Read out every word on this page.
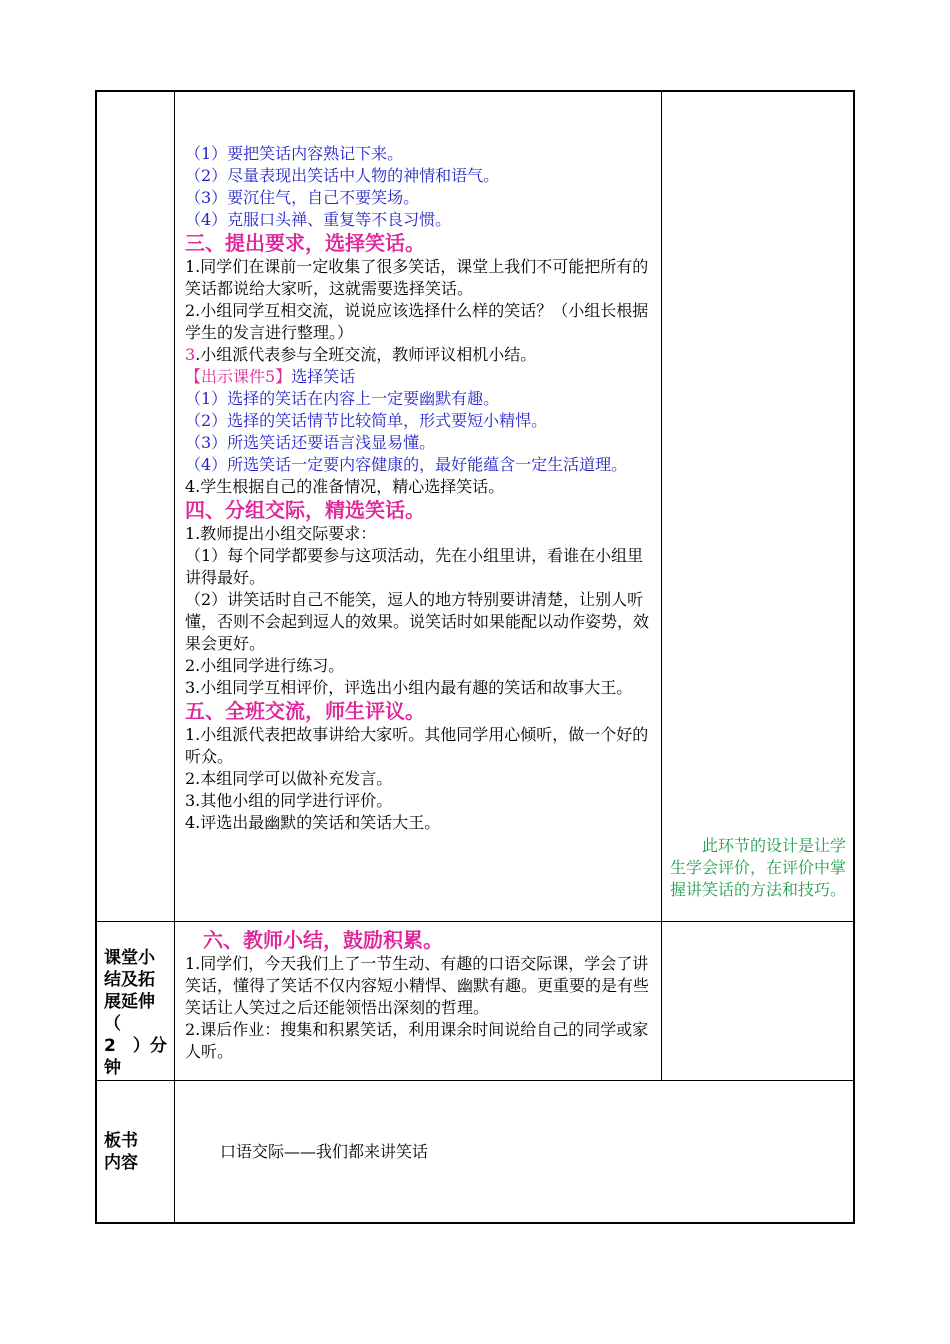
（1）要把笑话内容熟记下来。

（2）尽量表现出笑话中人物的神情和语气。

（3）要沉住气，自己不要笑场。

（4）克服口头禅、重复等不良习惯。

三、提出要求，选择笑话。

1.同学们在课前一定收集了很多笑话，课堂上我们不可能把所有的笑话都说给大家听，这就需要选择笑话。

2.小组同学互相交流，说说应该选择什么样的笑话？（小组长根据学生的发言进行整理。）

3.小组派代表参与全班交流，教师评议相机小结。

【出示课件5】选择笑话

（1）选择的笑话在内容上一定要幽默有趣。

（2）选择的笑话情节比较简单，形式要短小精悍。

（3）所选笑话还要语言浅显易懂。

（4）所选笑话一定要内容健康的，最好能蕴含一定生活道理。

4.学生根据自己的准备情况，精心选择笑话。

四、分组交际，精选笑话。

1.教师提出小组交际要求：

（1）每个同学都要参与这项活动，先在小组里讲，看谁在小组里讲得最好。

（2）讲笑话时自己不能笑，逗人的地方特别要讲清楚，让别人听懂，否则不会起到逗人的效果。说笑话时如果能配以动作姿势，效果会更好。

2.小组同学进行练习。

3.小组同学互相评价，评选出小组内最有趣的笑话和故事大王。

五、全班交流，师生评议。

1.小组派代表把故事讲给大家听。其他同学用心倾听，做一个好的听众。

2.本组同学可以做补充发言。

3.其他小组的同学进行评价。

4.评选出最幽默的笑话和笑话大王。

此环节的设计是让学生学会评价，在评价中掌握讲笑话的方法和技巧。
课堂小结及拓展延伸（　2　）分钟

六、教师小结，鼓励积累。

1.同学们，今天我们上了一节生动、有趣的口语交际课，学会了讲笑话，懂得了笑话不仅内容短小精悍、幽默有趣。更重要的是有些笑话让人笑过之后还能领悟出深刻的哲理。

2.课后作业：搜集和积累笑话，利用课余时间说给自己的同学或家人听。

板书内容
口语交际——我们都来讲笑话
